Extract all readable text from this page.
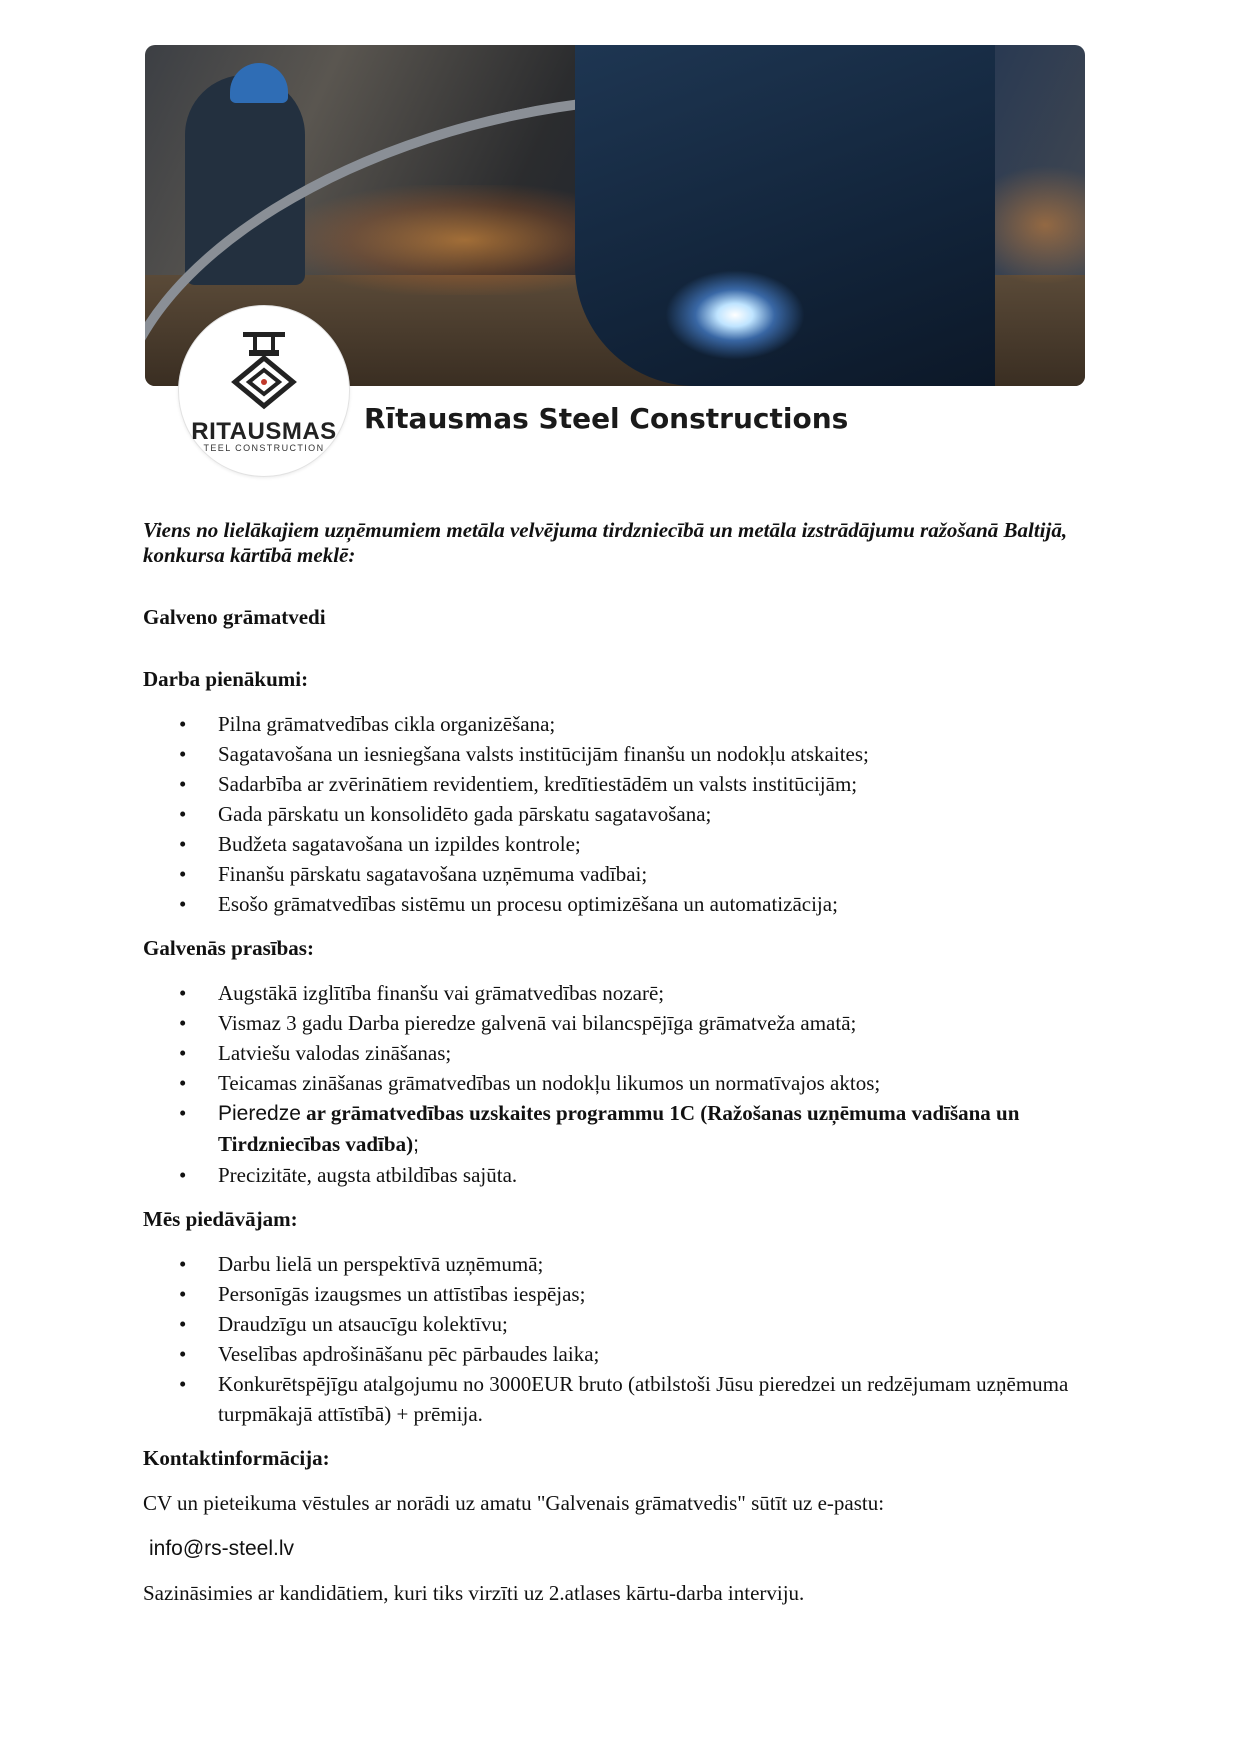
RITAUSMAS
TEEL CONSTRUCTION
Rītausmas Steel Constructions

Viens no lielākajiem uzņēmumiem metāla velvējuma tirdzniecībā un metāla izstrādājumu ražošanā Baltijā, konkursa kārtībā meklē:

Galveno grāmatvedi

Darba pienākumi:

• Pilna grāmatvedības cikla organizēšana;
• Sagatavošana un iesniegšana valsts institūcijām finanšu un nodokļu atskaites;
• Sadarbība ar zvērinātiem revidentiem, kredītiestādēm un valsts institūcijām;
• Gada pārskatu un konsolidēto gada pārskatu sagatavošana;
• Budžeta sagatavošana un izpildes kontrole;
• Finanšu pārskatu sagatavošana uzņēmuma vadībai;
• Esošo grāmatvedības sistēmu un procesu optimizēšana un automatizācija;

Galvenās prasības:

• Augstākā izglītība finanšu vai grāmatvedības nozarē;
• Vismaz 3 gadu Darba pieredze galvenā vai bilancspējīga grāmatveža amatā;
• Latviešu valodas zināšanas;
• Teicamas zināšanas grāmatvedības un nodokļu likumos un normatīvajos aktos;
• Pieredze ar grāmatvedības uzskaites programmu 1C (Ražošanas uzņēmuma vadīšana un Tirdzniecības vadība);
• Precizitāte, augsta atbildības sajūta.

Mēs piedāvājam:

• Darbu lielā un perspektīvā uzņēmumā;
• Personīgās izaugsmes un attīstības iespējas;
• Draudzīgu un atsaucīgu kolektīvu;
• Veselības apdrošināšanu pēc pārbaudes laika;
• Konkurētspējīgu atalgojumu no 3000EUR bruto (atbilstoši Jūsu pieredzei un redzējumam uzņēmuma turpmākajā attīstībā) + prēmija.

Kontaktinformācija:

CV un pieteikuma vēstules ar norādi uz amatu "Galvenais grāmatvedis" sūtīt uz e-pastu:

info@rs-steel.lv

Sazināsimies ar kandidātiem, kuri tiks virzīti uz 2.atlases kārtu-darba interviju.
